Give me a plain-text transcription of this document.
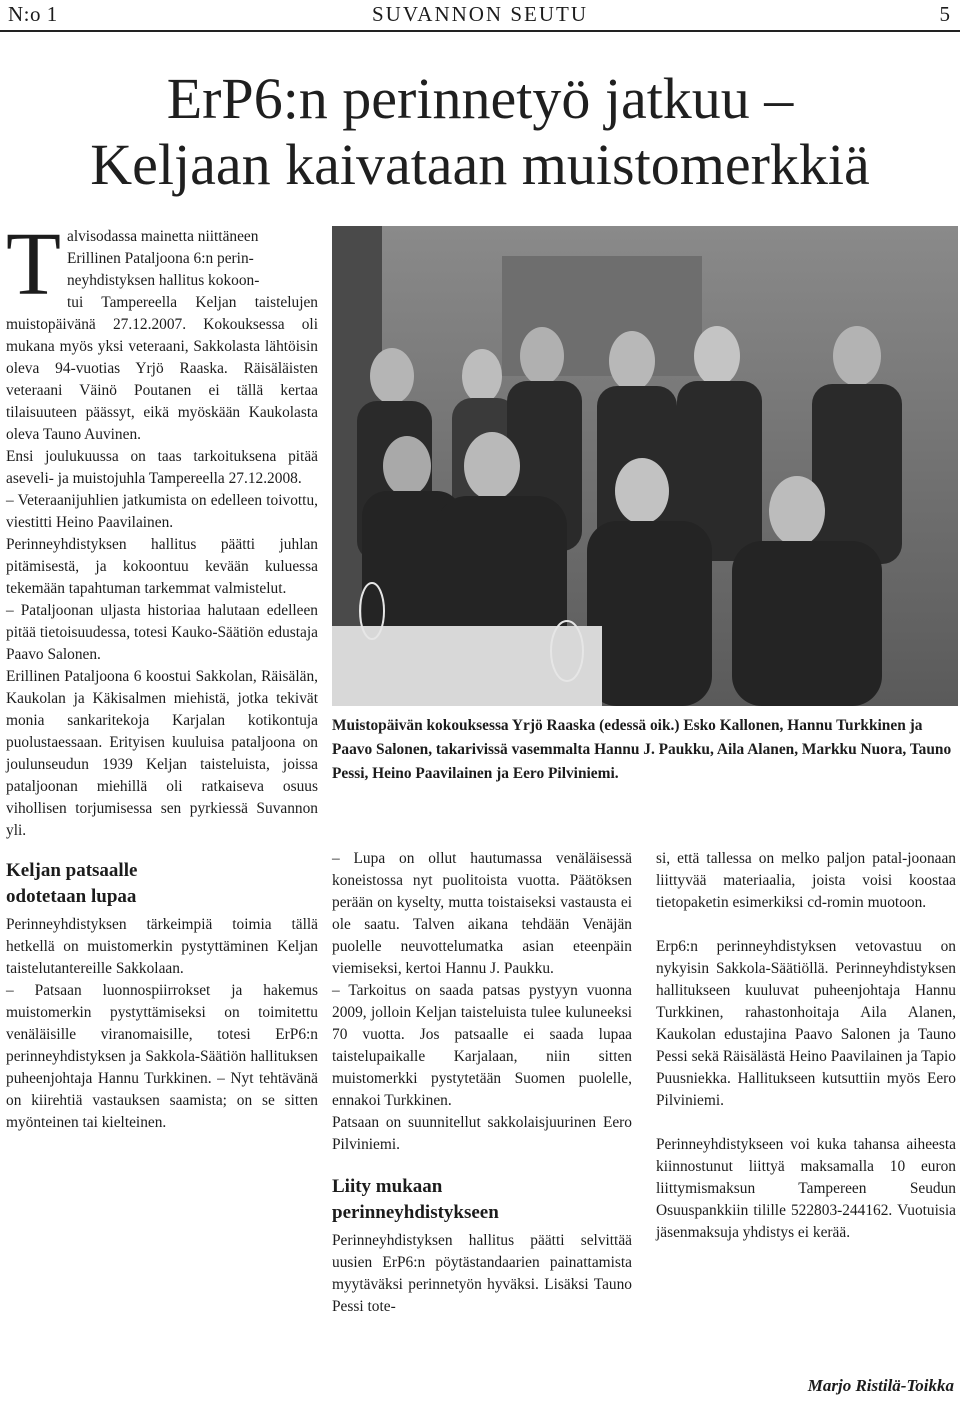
N:o 1	SUVANNON SEUTU	5
ErP6:n perinnetyö jatkuu –
Keljaan kaivataan muistomerkkiä

T alvisodassa mainetta niittäneen
Erillinen Pataljoona 6:n perin-
neyhdistyksen hallitus kokoon-
tui Tampereella Keljan taistelujen muistopäivänä 27.12.2007. Kokouksessa oli mukana myös yksi veteraani, Sakkolasta lähtöisin oleva 94-vuotias Yrjö Raaska. Räisäläisten veteraani Väinö Poutanen ei tällä kertaa tilaisuuteen päässyt, eikä myöskään Kaukolasta oleva Tauno Auvinen.

Ensi joulukuussa on taas tarkoituksena pitää aseveli- ja muistojuhla Tampereella 27.12.2008.

– Veteraanijuhlien jatkumista on edelleen toivottu, viestitti Heino Paavilainen.

Perinneyhdistyksen hallitus päätti juhlan pitämisestä, ja kokoontuu kevään kuluessa tekemään tapahtuman tarkemmat valmistelut.

– Pataljoonan uljasta historiaa halutaan edelleen pitää tietoisuudessa, totesi Kauko-Säätiön edustaja Paavo Salonen.

Erillinen Pataljoona 6 koostui Sakkolan, Räisälän, Kaukolan ja Käkisalmen miehistä, jotka tekivät monia sankaritekoja Karjalan kotikontuja puolustaessaan. Erityisen kuuluisa pataljoona on joulunseudun 1939 Keljan taisteluista, joissa pataljoonan miehillä oli ratkaiseva osuus vihollisen torjumisessa sen pyrkiessä Suvannon yli.

Keljan patsaalle
odotetaan lupaa

Perinneyhdistyksen tärkeimpiä toimia tällä hetkellä on muistomerkin pystyttäminen Keljan taistelutantereille Sakkolaan.

– Patsaan luonnospiirrokset ja hakemus muistomerkin pystyttämiseksi on toimitettu venäläisille viranomaisille, totesi ErP6:n perinneyhdistyksen ja Sakkola-Säätiön hallituksen puheenjohtaja Hannu Turkkinen. – Nyt tehtävänä on kiirehtiä vastauksen saamista; on se sitten myönteinen tai kielteinen.

Muistopäivän kokouksessa Yrjö Raaska (edessä oik.) Esko Kallonen, Hannu Turkkinen ja Paavo Salonen, takarivissä vasemmalta Hannu J. Paukku, Aila Alanen, Markku Nuora, Tauno Pessi, Heino Paavilainen ja Eero Pilviniemi.

– Lupa on ollut hautumassa venäläisessä koneistossa nyt puolitoista vuotta. Päätöksen perään on kyselty, mutta toistaiseksi vastausta ei ole saatu. Talven aikana tehdään Venäjän puolelle neuvottelumatka asian eteenpäin viemiseksi, kertoi Hannu J. Paukku.

– Tarkoitus on saada patsas pystyyn vuonna 2009, jolloin Keljan taisteluista tulee kuluneeksi 70 vuotta. Jos patsaalle ei saada lupaa taistelupaikalle Karjalaan, niin sitten muistomerkki pystytetään Suomen puolelle, ennakoi Turkkinen.

Patsaan on suunnitellut sakkolaisjuurinen Eero Pilviniemi.

Liity mukaan
perinneyhdistykseen

Perinneyhdistyksen hallitus päätti selvittää uusien ErP6:n pöytästandaarien painattamista myytäväksi perinnetyön hyväksi. Lisäksi Tauno Pessi tote-

si, että tallessa on melko paljon patal-joonaan liittyvää materiaalia, joista voisi koostaa tietopaketin esimerkiksi cd-romin muotoon.

Erp6:n perinneyhdistyksen vetovastuu on nykyisin Sakkola-Säätiöllä. Perinneyhdistyksen hallitukseen kuuluvat puheenjohtaja Hannu Turkkinen, rahastonhoitaja Aila Alanen, Kaukolan edustajina Paavo Salonen ja Tauno Pessi sekä Räisälästä Heino Paavilainen ja Tapio Puusniekka. Hallitukseen kutsuttiin myös Eero Pilviniemi.

Perinneyhdistykseen voi kuka tahansa aiheesta kiinnostunut liittyä maksamalla 10 euron liittymismaksun Tampereen Seudun Osuuspankkiin tilille 522803-244162. Vuotuisia jäsenmaksuja yhdistys ei kerää.

Marjo Ristilä-Toikka
